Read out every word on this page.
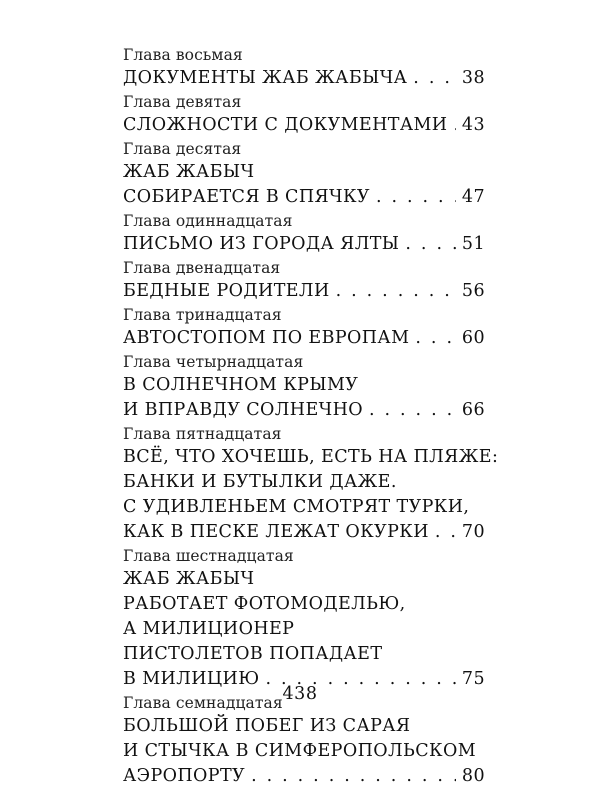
Глава восьмая
ДОКУМЕНТЫ ЖАБ ЖАБЫЧА . . .	38
Глава девятая
СЛОЖНОСТИ С ДОКУМЕНТАМИ . . . 43
Глава десятая
ЖАБ ЖАБЫЧ
СОБИРАЕТСЯ В СПЯЧКУ . . .	47
Глава одиннадцатая
ПИСЬМО ИЗ ГОРОДА ЯЛТЫ . . .	51
Глава двенадцатая
БЕДНЫЕ РОДИТЕЛИ . . .	56
Глава тринадцатая
АВТОСТОПОМ ПО ЕВРОПАМ . . .	60
Глава четырнадцатая
В СОЛНЕЧНОМ КРЫМУ
И ВПРАВДУ СОЛНЕЧНО . . .	66
Глава пятнадцатая
ВСЁ, ЧТО ХОЧЕШЬ, ЕСТЬ НА ПЛЯЖЕ:
БАНКИ И БУТЫЛКИ ДАЖЕ.
С УДИВЛЕНЬЕМ СМОТРЯТ ТУРКИ,
КАК В ПЕСКЕ ЛЕЖАТ ОКУРКИ . . . 70
Глава шестнадцатая
ЖАБ ЖАБЫЧ
РАБОТАЕТ ФОТОМОДЕЛЬЮ,
А МИЛИЦИОНЕР
ПИСТОЛЕТОВ ПОПАДАЕТ
В МИЛИЦИЮ . . .	75
Глава семнадцатая
БОЛЬШОЙ ПОБЕГ ИЗ САРАЯ
И СТЫЧКА В СИМФЕРОПОЛЬСКОМ
АЭРОПОРТУ . . .	80
438
